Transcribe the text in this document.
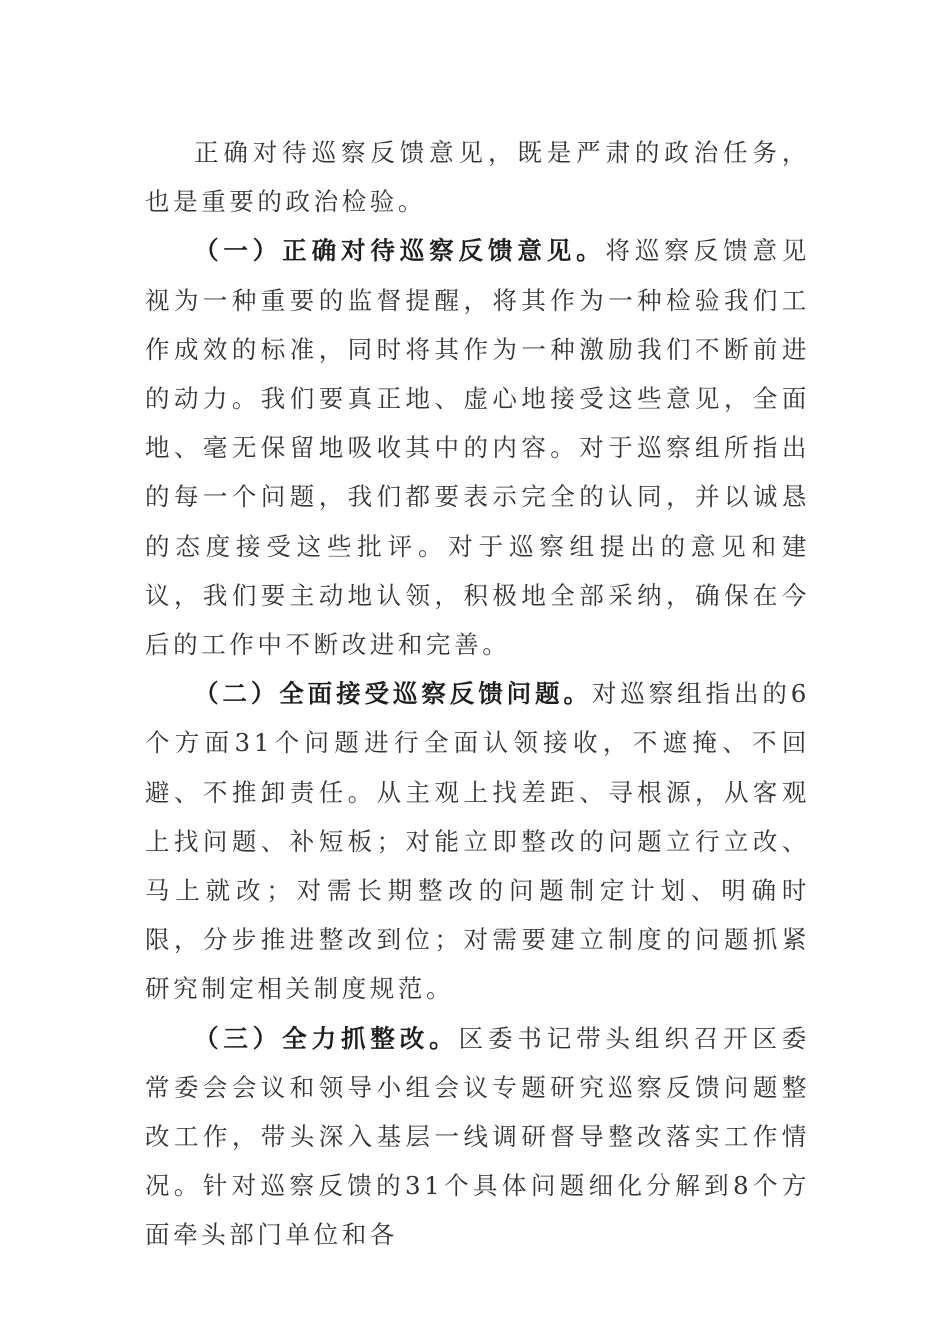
正确对待巡察反馈意见，既是严肃的政治任务，也是重要的政治检验。

（一）正确对待巡察反馈意见。将巡察反馈意见视为一种重要的监督提醒，将其作为一种检验我们工作成效的标准，同时将其作为一种激励我们不断前进的动力。我们要真正地、虚心地接受这些意见，全面地、毫无保留地吸收其中的内容。对于巡察组所指出的每一个问题，我们都要表示完全的认同，并以诚恳的态度接受这些批评。对于巡察组提出的意见和建议，我们要主动地认领，积极地全部采纳，确保在今后的工作中不断改进和完善。

（二）全面接受巡察反馈问题。对巡察组指出的6个方面31个问题进行全面认领接收，不遮掩、不回避、不推卸责任。从主观上找差距、寻根源，从客观上找问题、补短板；对能立即整改的问题立行立改、马上就改；对需长期整改的问题制定计划、明确时限，分步推进整改到位；对需要建立制度的问题抓紧研究制定相关制度规范。

（三）全力抓整改。区委书记带头组织召开区委常委会会议和领导小组会议专题研究巡察反馈问题整改工作，带头深入基层一线调研督导整改落实工作情况。针对巡察反馈的31个具体问题细化分解到8个方面牵头部门单位和各
